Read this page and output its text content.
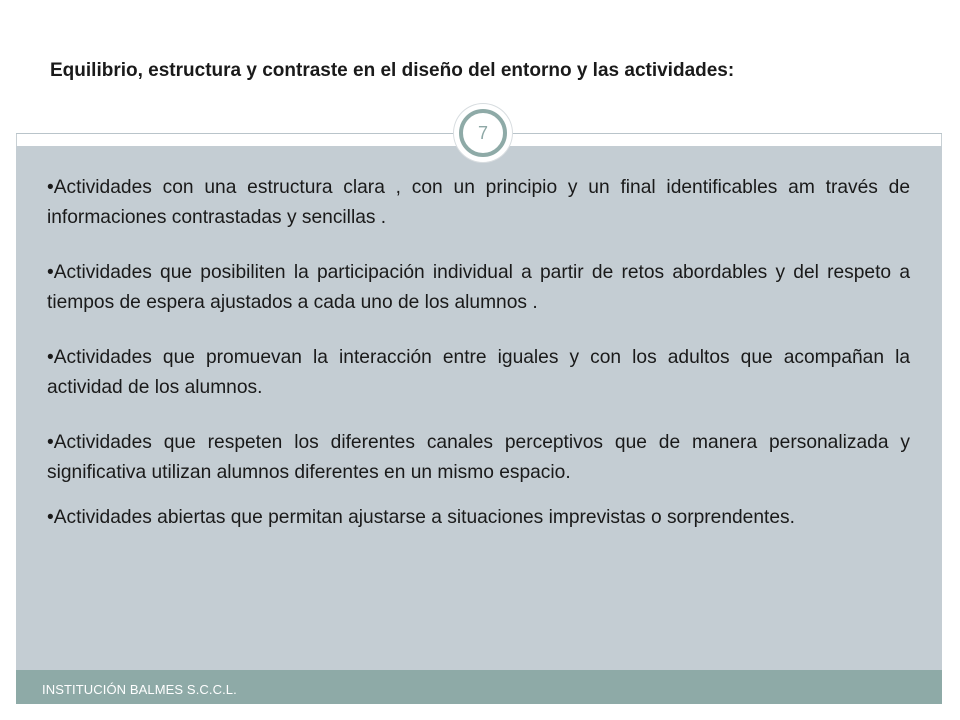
Equilibrio, estructura y contraste en el diseño del entorno y las actividades:
7
•Actividades con una estructura clara , con un principio y un final identificables am través de informaciones contrastadas y sencillas .
•Actividades que posibiliten la participación individual a partir de retos abordables y del respeto a tiempos de espera ajustados a cada uno de los alumnos .
•Actividades que promuevan la interacción entre iguales y con los adultos que acompañan la actividad de los alumnos.
•Actividades que respeten los diferentes canales perceptivos que de manera personalizada y significativa utilizan alumnos diferentes en un mismo espacio.
•Actividades abiertas que permitan ajustarse a situaciones imprevistas o sorprendentes.
INSTITUCIÓN BALMES S.C.C.L.
